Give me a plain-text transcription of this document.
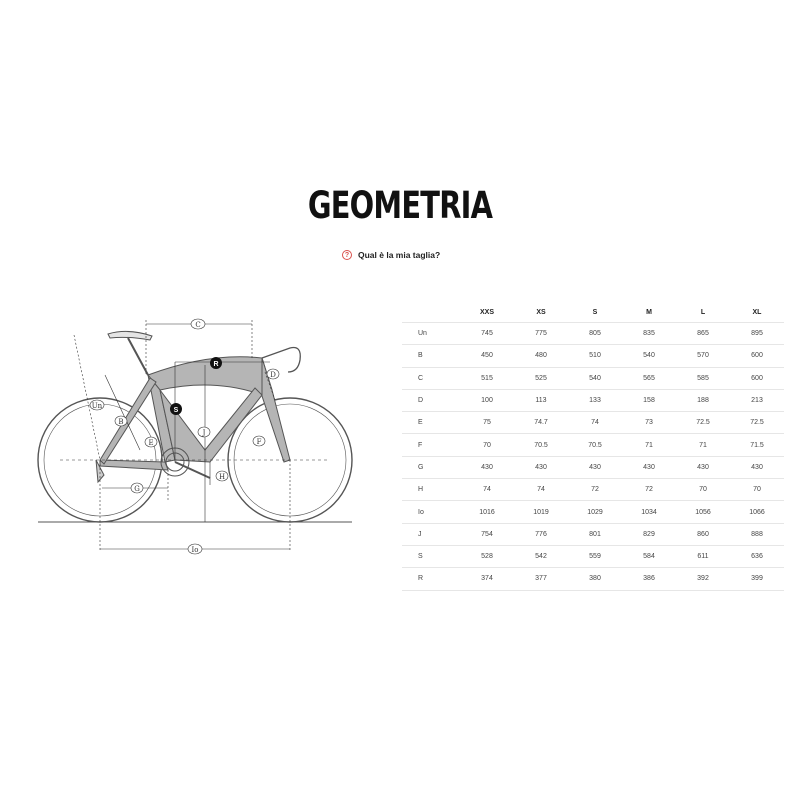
GEOMETRIA
?	Qual è la mia taglia?
C
R
S
D
Un
B
E
J
F
H
G
Io
	XXS	XS	S	M	L	XL
Un	745	775	805	835	865	895
B	450	480	510	540	570	600
C	515	525	540	565	585	600
D	100	113	133	158	188	213
E	75	74.7	74	73	72.5	72.5
F	70	70.5	70.5	71	71	71.5
G	430	430	430	430	430	430
H	74	74	72	72	70	70
Io	1016	1019	1029	1034	1056	1066
J	754	776	801	829	860	888
S	528	542	559	584	611	636
R	374	377	380	386	392	399
